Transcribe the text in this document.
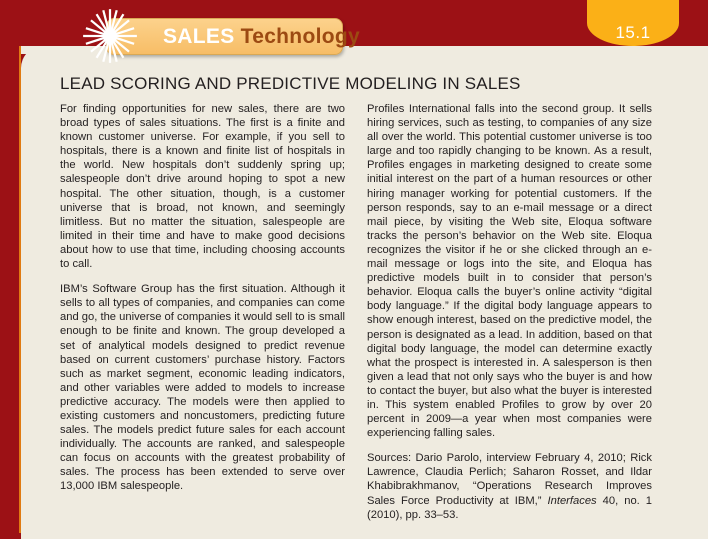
15.1
SALES Technology
LEAD SCORING AND PREDICTIVE MODELING IN SALES

For finding opportunities for new sales, there are two broad types of sales situations. The first is a finite and known customer universe. For example, if you sell to hospitals, there is a known and finite list of hospitals in the world. New hospitals don’t suddenly spring up; salespeople don’t drive around hoping to spot a new hospital. The other situation, though, is a customer universe that is broad, not known, and seemingly limitless. But no matter the situation, salespeople are limited in their time and have to make good decisions about how to use that time, including choosing accounts to call.

IBM’s Software Group has the first situation. Although it sells to all types of companies, and companies can come and go, the universe of companies it would sell to is small enough to be finite and known. The group developed a set of analytical models designed to predict revenue based on current customers’ purchase history. Factors such as market segment, economic leading indicators, and other variables were added to models to increase predictive accuracy. The models were then applied to existing customers and noncustomers, predicting future sales. The models predict future sales for each account individually. The accounts are ranked, and salespeople can focus on accounts with the greatest probability of sales. The process has been extended to serve over 13,000 IBM salespeople.

Profiles International falls into the second group. It sells hiring services, such as testing, to companies of any size all over the world. This potential customer universe is too large and too rapidly changing to be known. As a result, Profiles engages in marketing designed to create some initial interest on the part of a human resources or other hiring manager working for potential customers. If the person responds, say to an e-mail message or a direct mail piece, by visiting the Web site, Eloqua software tracks the person’s behavior on the Web site. Eloqua recognizes the visitor if he or she clicked through an e-mail message or logs into the site, and Eloqua has predictive models built in to consider that person’s behavior. Eloqua calls the buyer’s online activity “digital body language.” If the digital body language appears to show enough interest, based on the predictive model, the person is designated as a lead. In addition, based on that digital body language, the model can determine exactly what the prospect is interested in. A salesperson is then given a lead that not only says who the buyer is and how to contact the buyer, but also what the buyer is interested in. This system enabled Profiles to grow by over 20 percent in 2009—a year when most companies were experiencing falling sales.

Sources: Dario Parolo, interview February 4, 2010; Rick Lawrence, Claudia Perlich; Saharon Rosset, and Ildar Khabibrakhmanov, “Operations Research Improves Sales Force Productivity at IBM,” Interfaces 40, no. 1 (2010), pp. 33–53.
